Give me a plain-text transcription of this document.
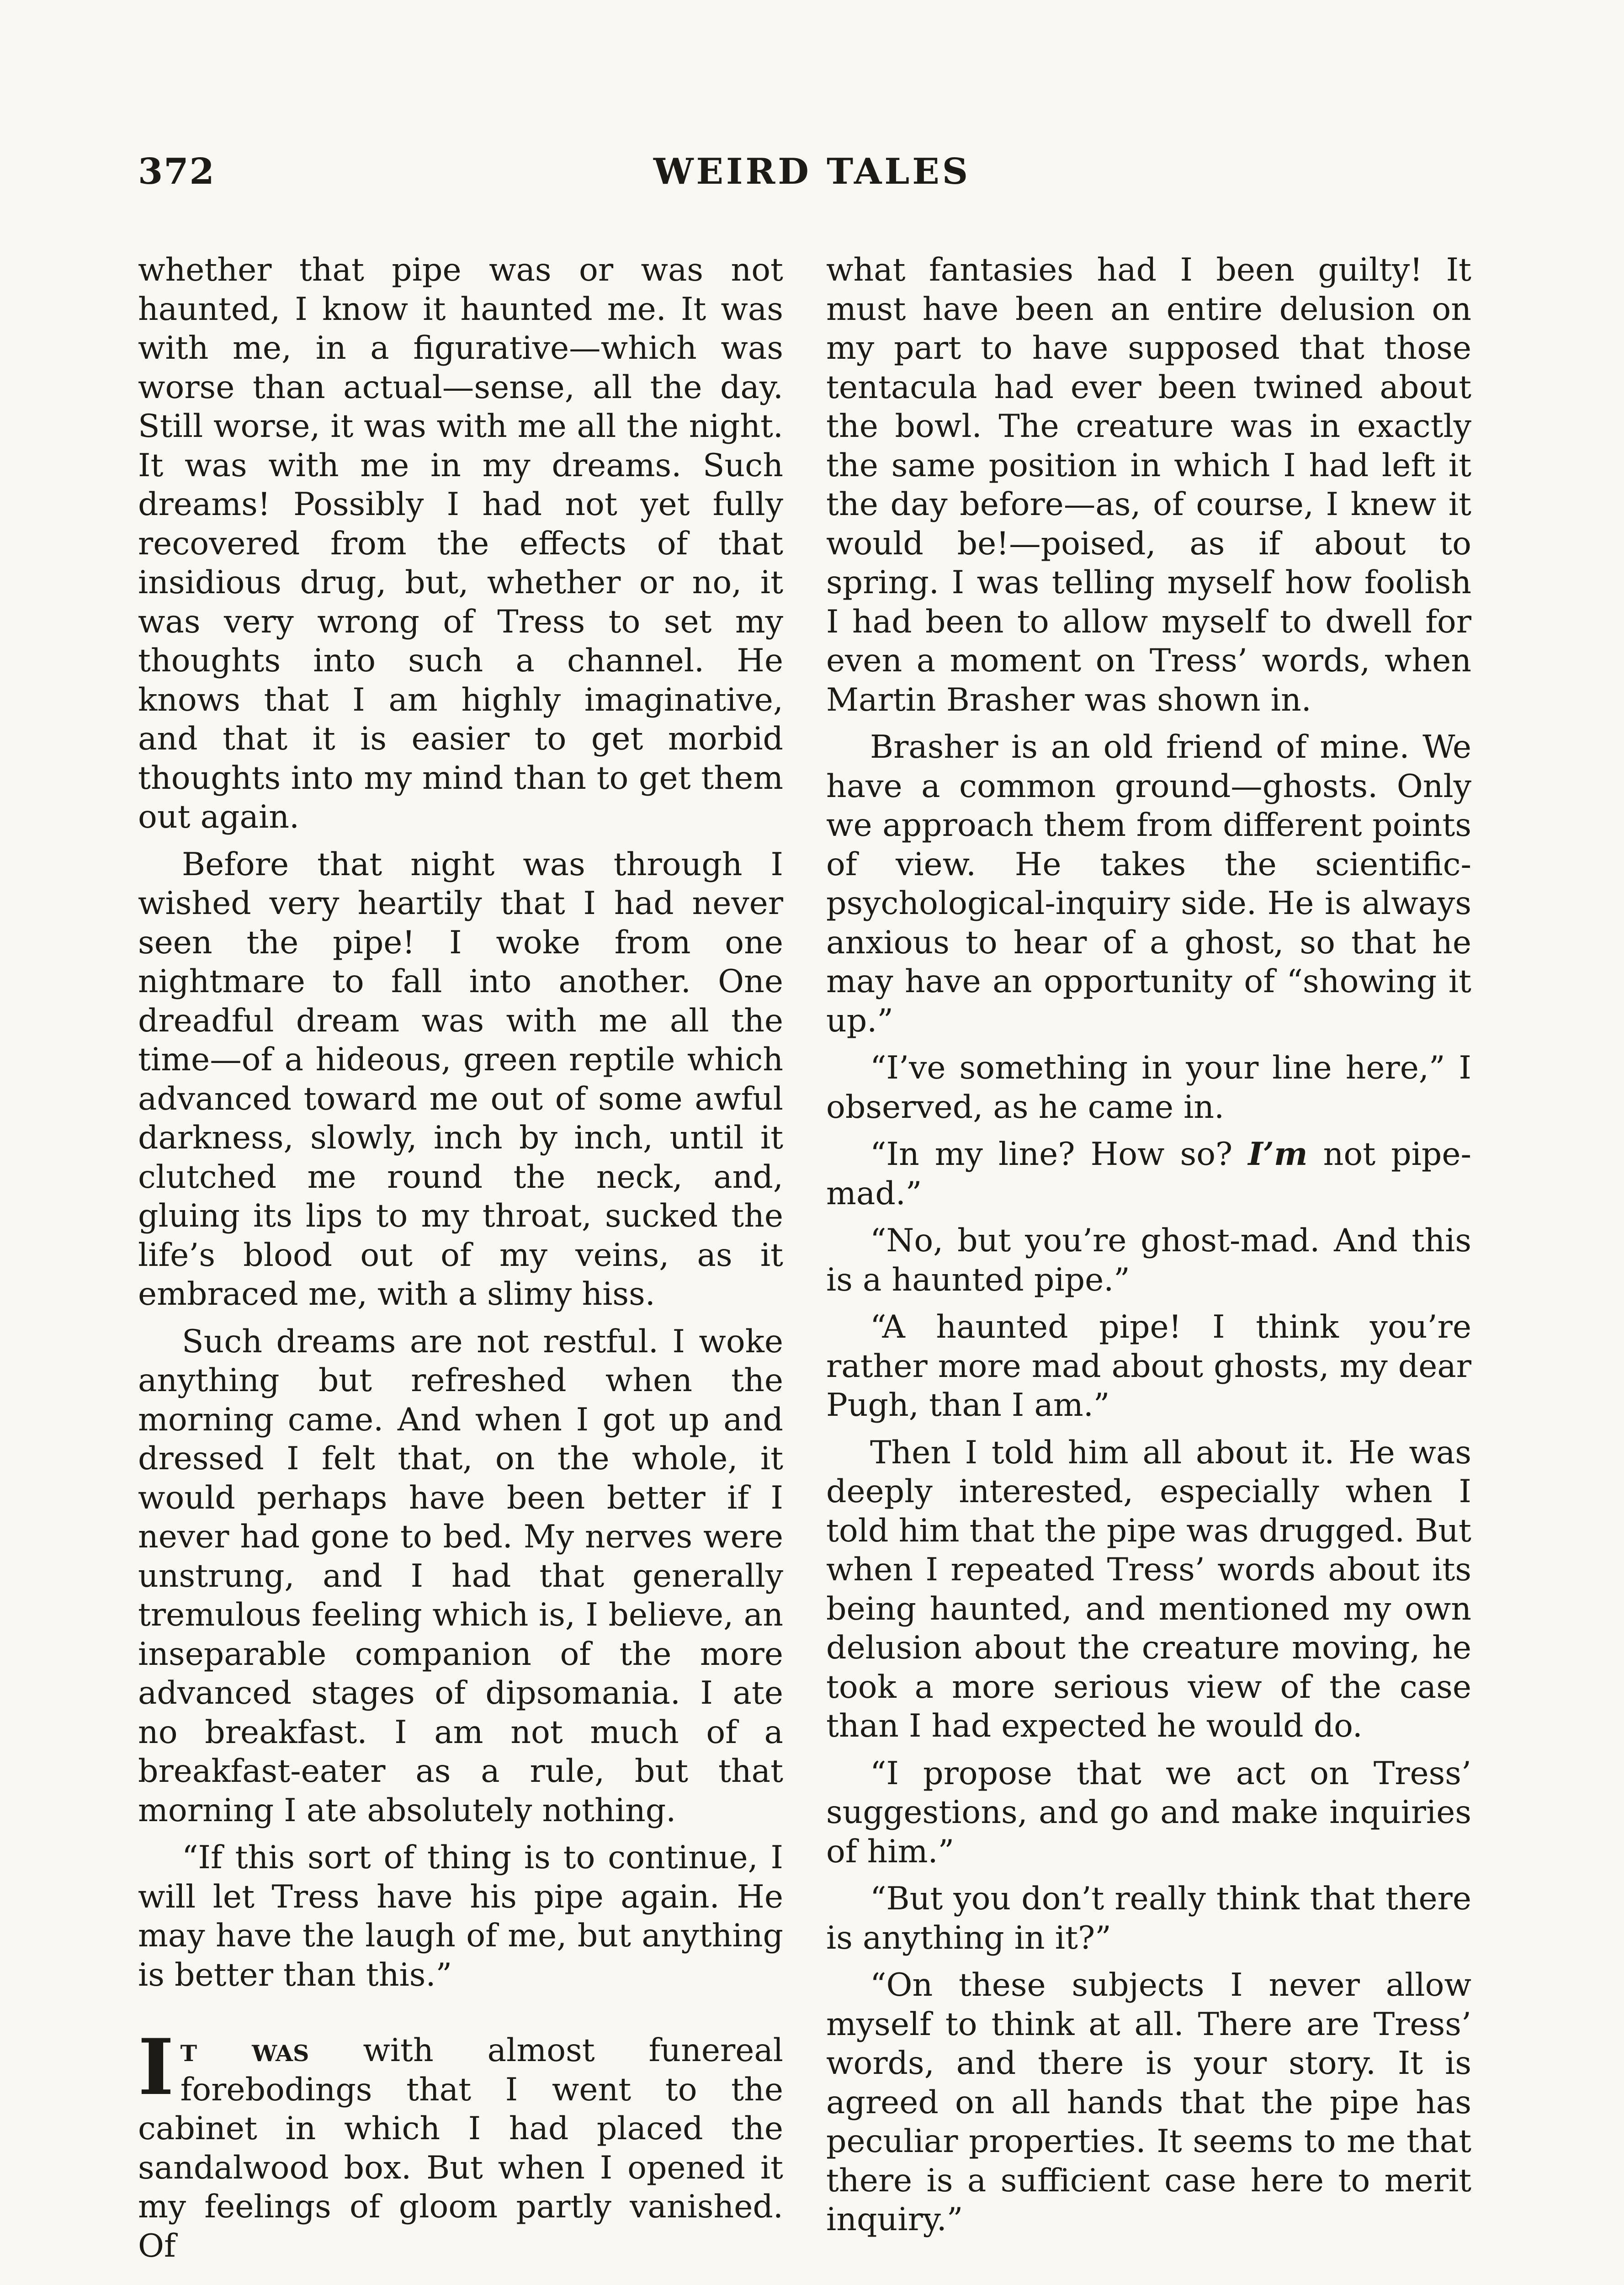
372	WEIRD TALES

whether that pipe was or was not haunted, I know it haunted me. It was with me, in a figurative—which was worse than actual—sense, all the day. Still worse, it was with me all the night. It was with me in my dreams. Such dreams! Possibly I had not yet fully recovered from the effects of that insidious drug, but, whether or no, it was very wrong of Tress to set my thoughts into such a channel. He knows that I am highly imaginative, and that it is easier to get morbid thoughts into my mind than to get them out again.

Before that night was through I wished very heartily that I had never seen the pipe! I woke from one nightmare to fall into another. One dreadful dream was with me all the time—of a hideous, green reptile which advanced toward me out of some awful darkness, slowly, inch by inch, until it clutched me round the neck, and, gluing its lips to my throat, sucked the life’s blood out of my veins, as it embraced me, with a slimy hiss.

Such dreams are not restful. I woke anything but refreshed when the morning came. And when I got up and dressed I felt that, on the whole, it would perhaps have been better if I never had gone to bed. My nerves were unstrung, and I had that generally tremulous feeling which is, I believe, an inseparable companion of the more advanced stages of dipsomania. I ate no breakfast. I am not much of a breakfast-eater as a rule, but that morning I ate absolutely nothing.

“If this sort of thing is to continue, I will let Tress have his pipe again. He may have the laugh of me, but anything is better than this.”

It was with almost funereal forebodings that I went to the cabinet in which I had placed the sandalwood box. But when I opened it my feelings of gloom partly vanished. Of

what fantasies had I been guilty! It must have been an entire delusion on my part to have supposed that those tentacula had ever been twined about the bowl. The creature was in exactly the same position in which I had left it the day before—as, of course, I knew it would be!—poised, as if about to spring. I was telling myself how foolish I had been to allow myself to dwell for even a moment on Tress’ words, when Martin Brasher was shown in.

Brasher is an old friend of mine. We have a common ground—ghosts. Only we approach them from different points of view. He takes the scientific-psychological-inquiry side. He is always anxious to hear of a ghost, so that he may have an opportunity of “showing it up.”

“I’ve something in your line here,” I observed, as he came in.

“In my line? How so? I’m not pipe-mad.”

“No, but you’re ghost-mad. And this is a haunted pipe.”

“A haunted pipe! I think you’re rather more mad about ghosts, my dear Pugh, than I am.”

Then I told him all about it. He was deeply interested, especially when I told him that the pipe was drugged. But when I repeated Tress’ words about its being haunted, and mentioned my own delusion about the creature moving, he took a more serious view of the case than I had expected he would do.

“I propose that we act on Tress’ suggestions, and go and make inquiries of him.”

“But you don’t really think that there is anything in it?”

“On these subjects I never allow myself to think at all. There are Tress’ words, and there is your story. It is agreed on all hands that the pipe has peculiar properties. It seems to me that there is a sufficient case here to merit inquiry.”
